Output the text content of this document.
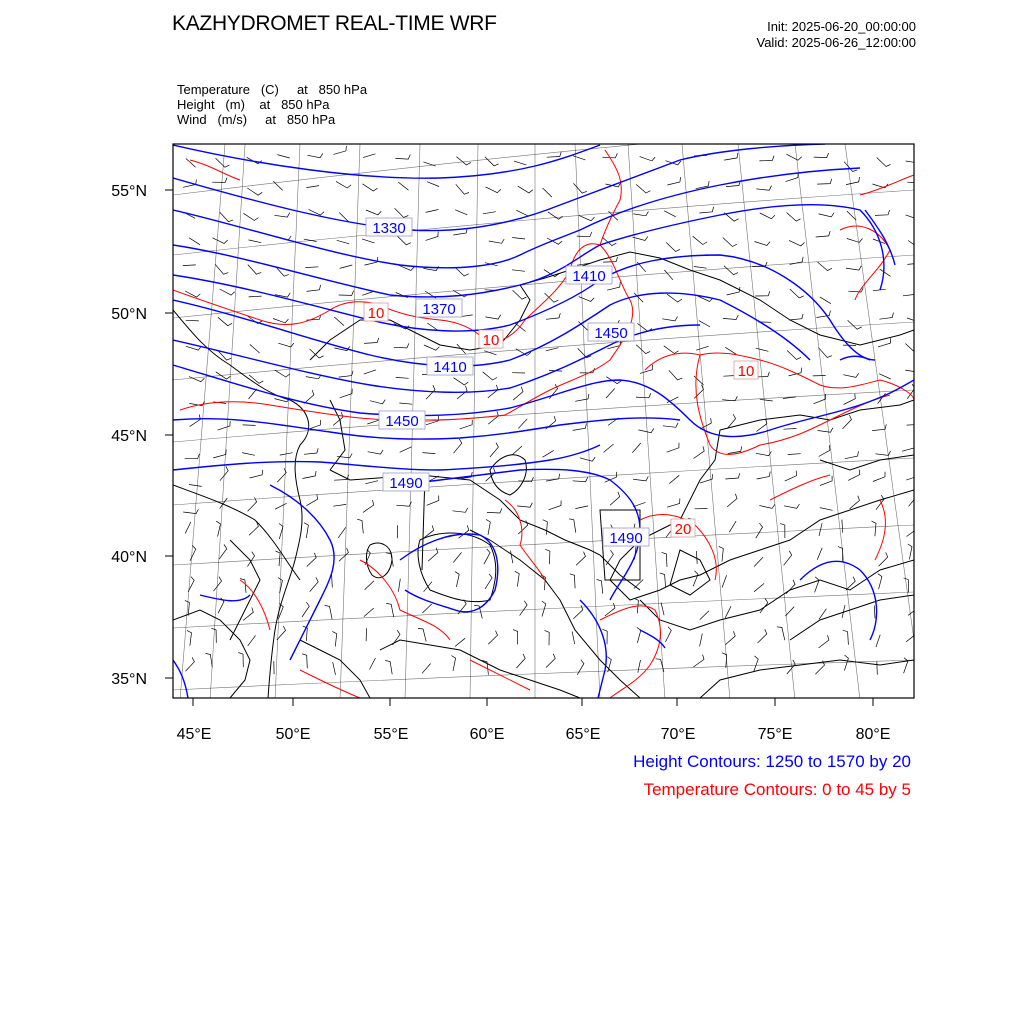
KAZHYDROMET REAL-TIME WRF	Init: 2025-06-20_00:00:00
Valid: 2025-06-26_12:00:00
Temperature (C) at 850 hPa
Height (m) at 850 hPa
Wind (m/s) at 850 hPa
1330
1370
1410
1410
1450
1450
1490
1490
10
10
10
20
45°E	50°E	55°E	60°E	65°E	70°E	75°E	80°E
55°N
50°N
45°N
40°N
35°N
Height Contours: 1250 to 1570 by 20
Temperature Contours: 0 to 45 by 5
